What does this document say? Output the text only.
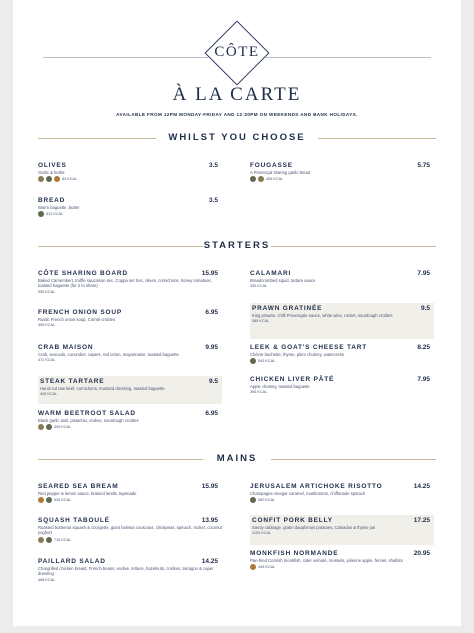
CÔTE
À LA CARTE
AVAILABLE FROM 12PM MONDAY-FRIDAY AND 12:30PM ON WEEKENDS AND BANK HOLIDAYS.
WHILST YOU CHOOSE
OLIVES	3.5
Garlic & herbs
84 KCAL
FOUGASSE	5.75
A Provençal sharing garlic bread
406 KCAL
BREAD	3.5
Warm baguette, butter
312 KCAL
STARTERS
CÔTE SHARING BOARD	15.95
Baked Camembert, truffle saucisson sec, Coppa set Sec, olives, cornichons, honey tomatoes, toasted baguette (for 2 to share)
955 KCAL
CALAMARI	7.95
Breadcrumbed squid, tartare sauce
335 KCAL
FRENCH ONION SOUP	6.95
Rustic French onion soup, Comté croûtes
455 KCAL
PRAWN GRATINÉE	9.5
King prawns, chilli Provençale sauce, white wine, rocket, sourdough croûtes
385 KCAL
CRAB MAISON	9.95
Crab, avocado, cucumber, capers, red onion, mayonnaise, toasted baguette
472 KCAL
LEEK & GOAT'S CHEESE TART	8.25
Chèvre buchette, thyme, plum chutney, watercress
543 KCAL
STEAK TARTARE	9.5
Hand-cut raw beef, cornichons, mustard dressing, toasted baguette
406 KCAL
CHICKEN LIVER PÂTÉ	7.95
Apple chutney, toasted baguette
396 KCAL
WARM BEETROOT SALAD	6.95
Black garlic aioli, pistachio, endive, sourdough croûtes
305 KCAL
MAINS
SEARED SEA BREAM	15.95
Red pepper & lemon sauce, braised lentils, tapenade
528 KCAL
JERUSALEM ARTICHOKE RISOTTO	14.25
Champagne vinegar caramel, mushrooms, chiffonade spinach
580 KCAL
SQUASH TABOULÉ	13.95
Roasted butternut squash & courgette, giant harissa couscous, chickpeas, spinach, rocket, coconut yoghurt
718 KCAL
CONFIT PORK BELLY	17.25
Savoy cabbage, gratin dauphinois potatoes, Calvados & thyme jus
1153 KCAL
PAILLARD SALAD	14.25
Chargrilled chicken breast, French beans, endive, lettuce, hazelnuts, croûtes, tarragon & caper dressing
468 KCAL
MONKFISH NORMANDE	20.95
Pan-fried Cornish monkfish, cider velouté, mussels, julienne apple, fennel, shallots
445 KCAL
